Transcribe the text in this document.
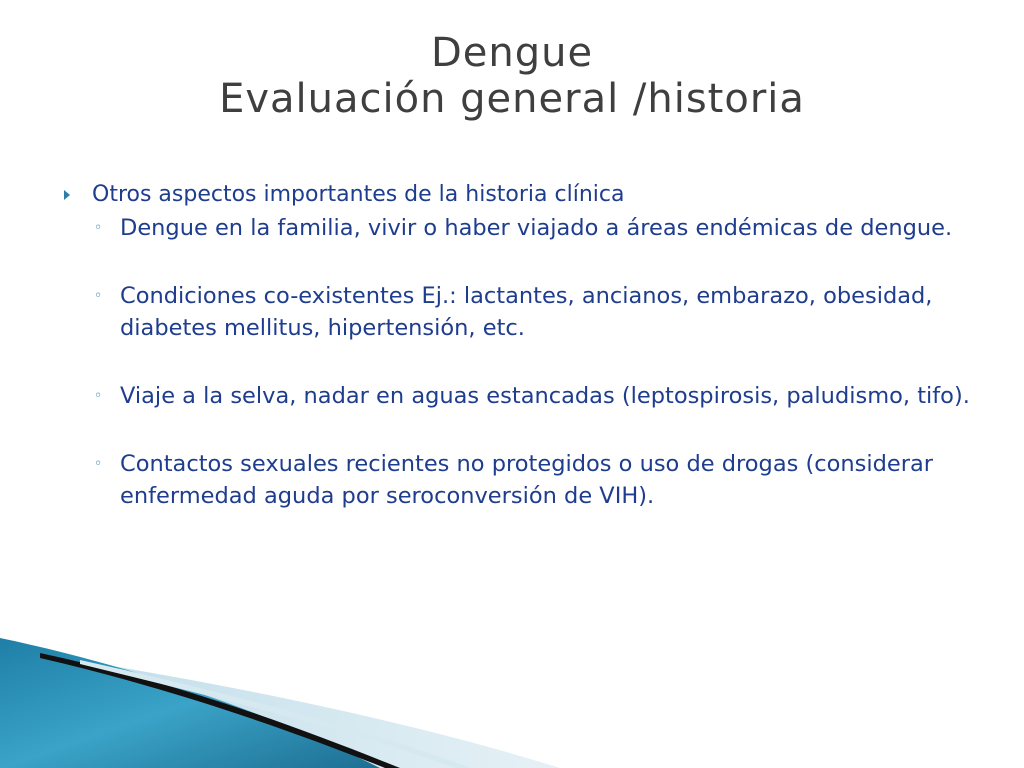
Dengue
Evaluación general /historia
Otros aspectos importantes de la historia clínica
◦ Dengue en la familia, vivir o haber viajado a áreas endémicas de dengue.
◦ Condiciones co-existentes Ej.: lactantes, ancianos, embarazo, obesidad, diabetes mellitus, hipertensión, etc.
◦ Viaje a la selva, nadar en aguas estancadas (leptospirosis, paludismo, tifo).
◦ Contactos sexuales recientes no protegidos o uso de drogas (considerar enfermedad aguda por seroconversión de VIH).
